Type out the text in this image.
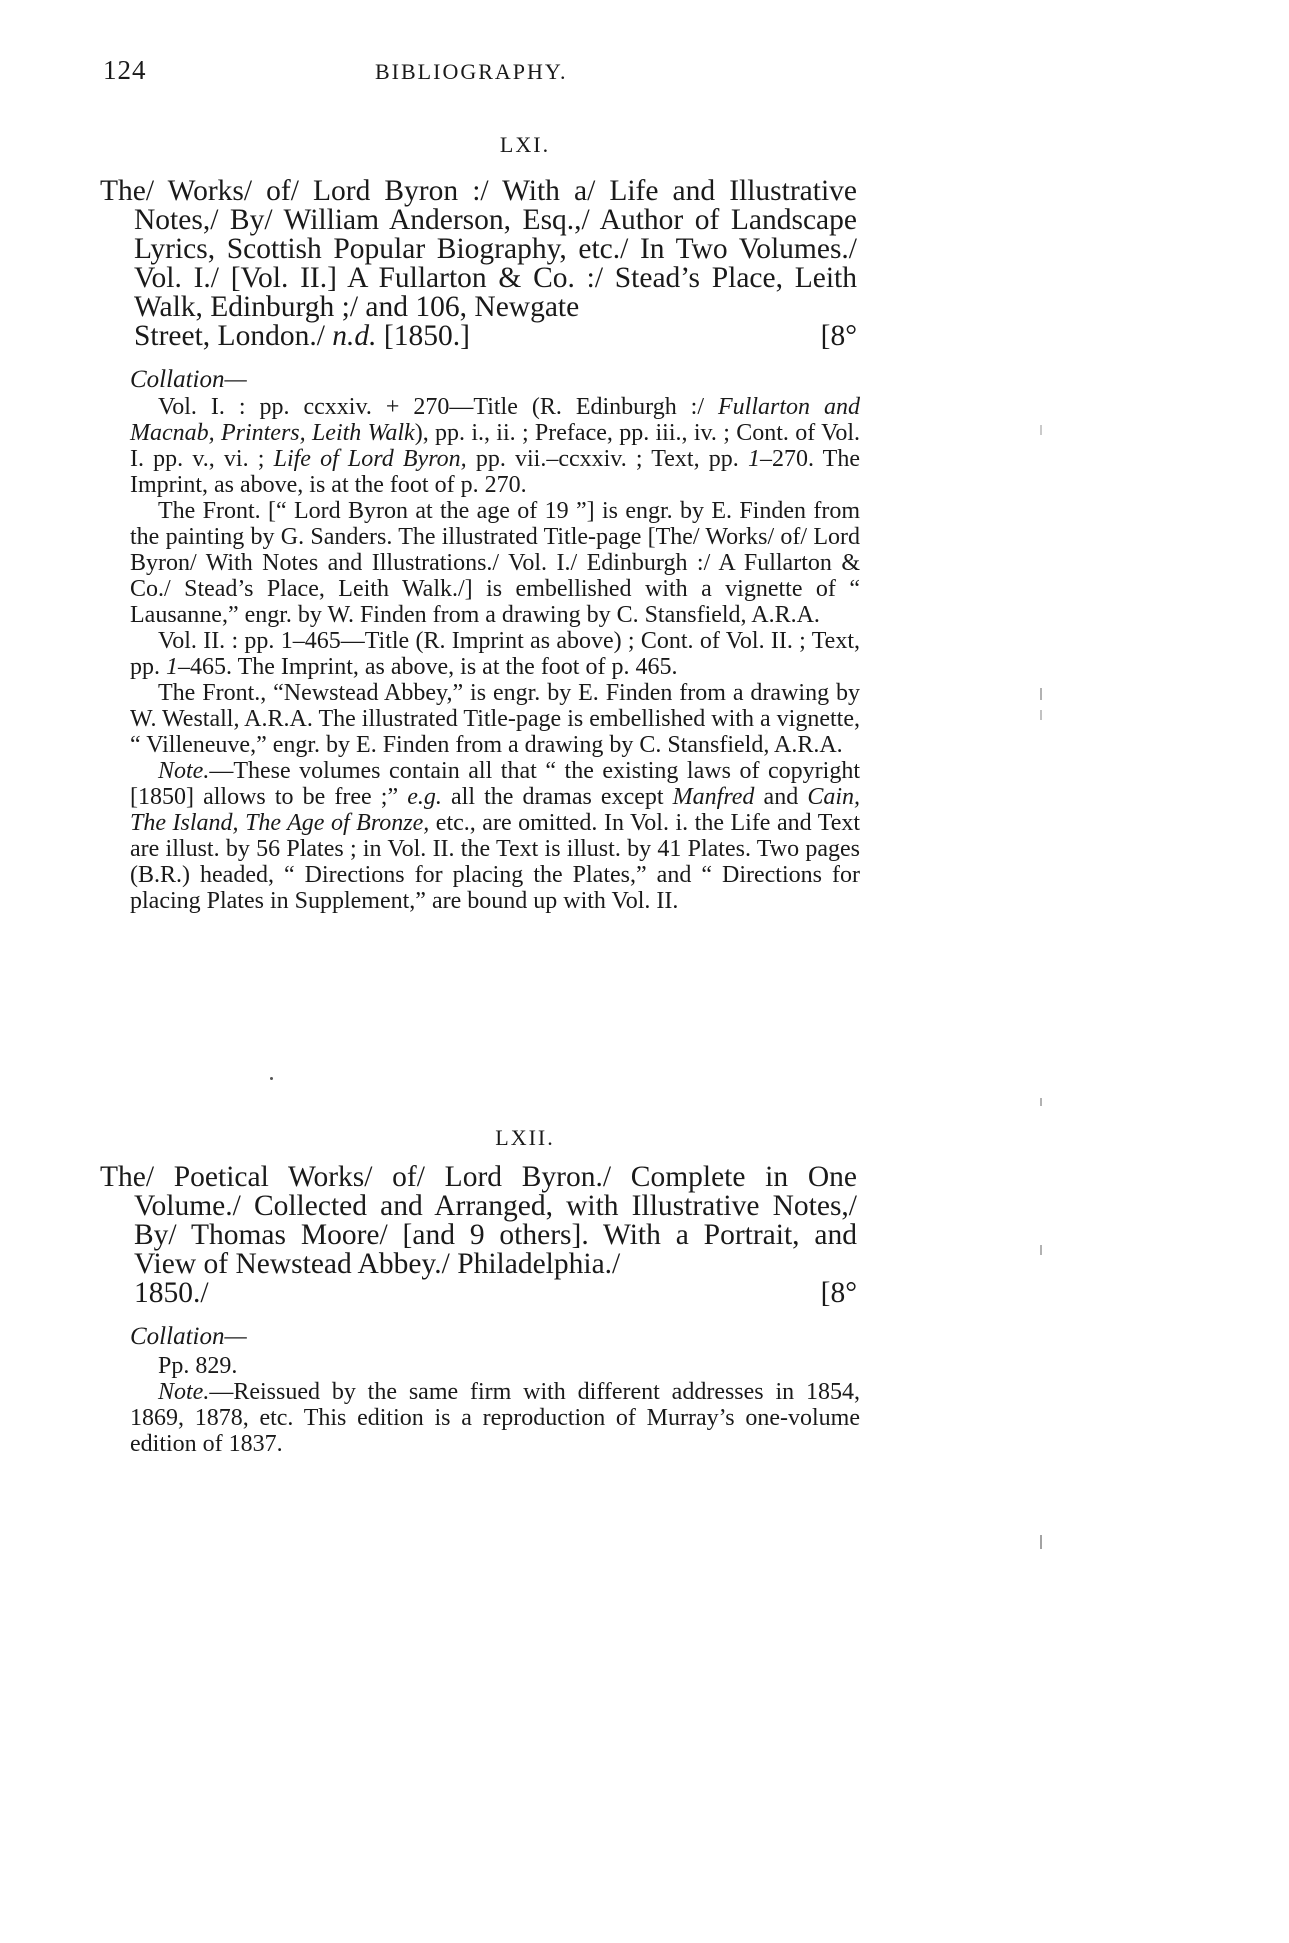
124	BIBLIOGRAPHY.
LXI.

The/ Works/ of/ Lord Byron :/ With a/ Life and Illustrative Notes,/ By/ William Anderson, Esq.,/ Author of Landscape Lyrics, Scottish Popular Biography, etc./ In Two Volumes./ Vol. I./ [Vol. II.] A Fullarton & Co. :/ Stead’s Place, Leith Walk, Edinburgh ;/ and 106, Newgate

Street, London./ n.d. [1850.]	[8°
Collation—

Vol. I. : pp. ccxxiv. + 270—Title (R. Edinburgh :/ Fullarton and Macnab, Printers, Leith Walk), pp. i., ii. ; Preface, pp. iii., iv. ; Cont. of Vol. I. pp. v., vi. ; Life of Lord Byron, pp. vii.–ccxxiv. ; Text, pp. 1–270. The Imprint, as above, is at the foot of p. 270.

The Front. [“ Lord Byron at the age of 19 ”] is engr. by E. Finden from the painting by G. Sanders. The illustrated Title-page [The/ Works/ of/ Lord Byron/ With Notes and Illustrations./ Vol. I./ Edinburgh :/ A Fullarton & Co./ Stead’s Place, Leith Walk./] is embellished with a vignette of “ Lausanne,” engr. by W. Finden from a drawing by C. Stansfield, A.R.A.

Vol. II. : pp. 1–465—Title (R. Imprint as above) ; Cont. of Vol. II. ; Text, pp. 1–465. The Imprint, as above, is at the foot of p. 465.

The Front., “Newstead Abbey,” is engr. by E. Finden from a drawing by W. Westall, A.R.A. The illustrated Title-page is embellished with a vignette, “ Villeneuve,” engr. by E. Finden from a drawing by C. Stansfield, A.R.A.

Note.—These volumes contain all that “ the existing laws of copyright [1850] allows to be free ;” e.g. all the dramas except Manfred and Cain, The Island, The Age of Bronze, etc., are omitted. In Vol. i. the Life and Text are illust. by 56 Plates ; in Vol. II. the Text is illust. by 41 Plates. Two pages (B.R.) headed, “ Directions for placing the Plates,” and “ Directions for placing Plates in Supplement,” are bound up with Vol. II.

LXII.

The/ Poetical Works/ of/ Lord Byron./ Complete in One Volume./ Collected and Arranged, with Illustrative Notes,/ By/ Thomas Moore/ [and 9 others]. With a Portrait, and View of Newstead Abbey./ Philadelphia./

1850./	[8°
Collation—

Pp. 829.

Note.—Reissued by the same firm with different addresses in 1854, 1869, 1878, etc. This edition is a reproduction of Murray’s one-volume edition of 1837.
